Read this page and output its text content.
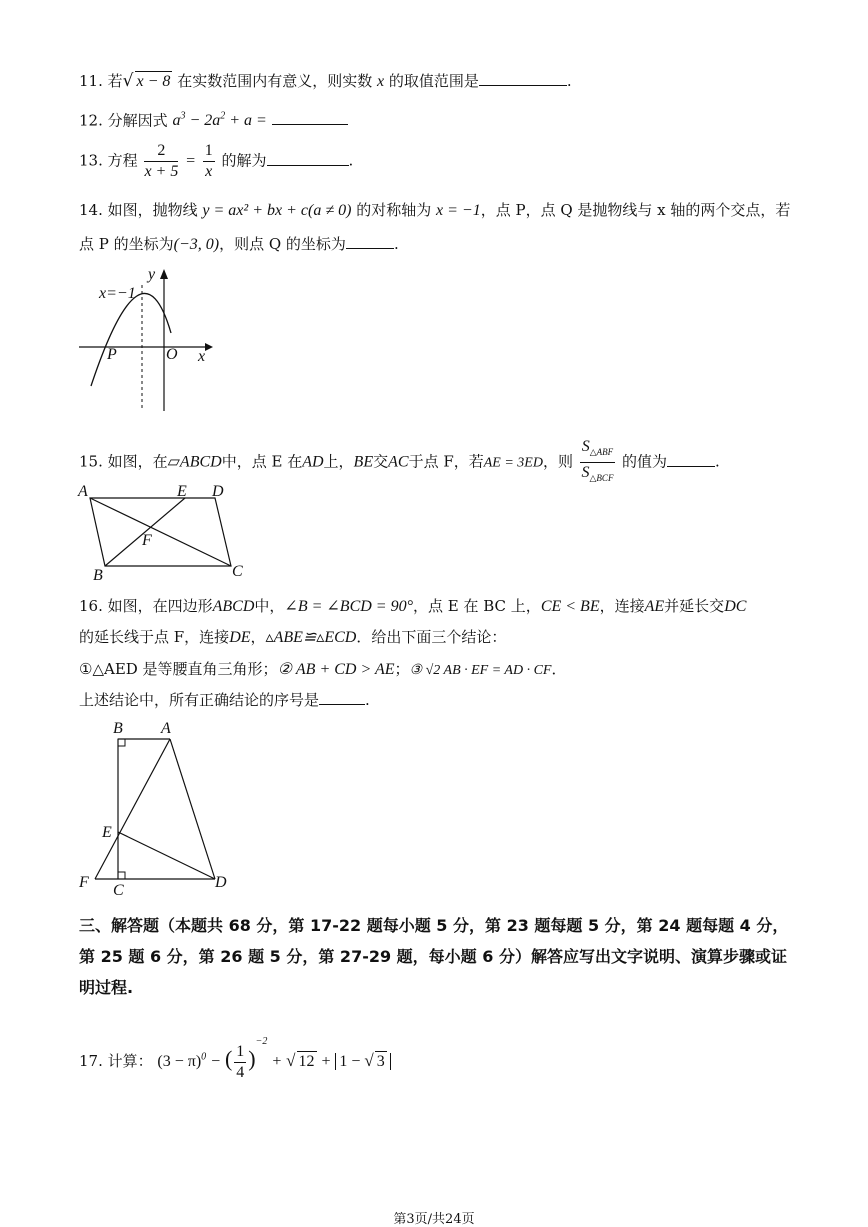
11. 若√ x − 8 在实数范围内有意义，则实数 x 的取值范围是	.
12. 分解因式 $a^3 - 2a^2 + a$ =
13. 方程 $\frac{2}{x + 5} = \frac{1}{x}$ 的解为	.
14. 如图，抛物线 y = ax² + bx + c(a ≠ 0) 的对称轴为 x = −1，点 P，点 Q 是抛物线与 x 轴的两个交点，若
点 P 的坐标为(−3, 0)，则点 Q 的坐标为	.
x=−1
y
x
P	O
15. 如图，在▱ABCD中，点 E 在AD上，BE交AC于点 F，若AE = 3ED，则 $\frac{S_{\triangle ABF}}{S_{\triangle BCF}}$ 的值为	.
A	E D
F
B	C
16. 如图，在四边形ABCD中，∠B = ∠BCD = 90°，点 E 在 BC 上，CE < BE，连接AE并延长交DC
的延长线于点 F，连接DE，▵ABE≌▵ECD．给出下面三个结论：
①△AED 是等腰直角三角形；② AB + CD > AE；③ √2 AB · EF = AD · CF．
上述结论中，所有正确结论的序号是	.
B A
E
F C	D
三、解答题（本题共 68 分，第 17-22 题每小题 5 分，第 23 题每题 5 分，第 24 题每题 4 分，第 25 题 6 分，第 26 题 5 分，第 27-29 题，每小题 6 分）解答应写出文字说明、演算步骤或证明过程.
17. 计算： $(3 - \pi)^0$ − ( $\frac{1}{4} )^{-2}$ + √ 12 + 1 − √ 3
第3页/共24页
